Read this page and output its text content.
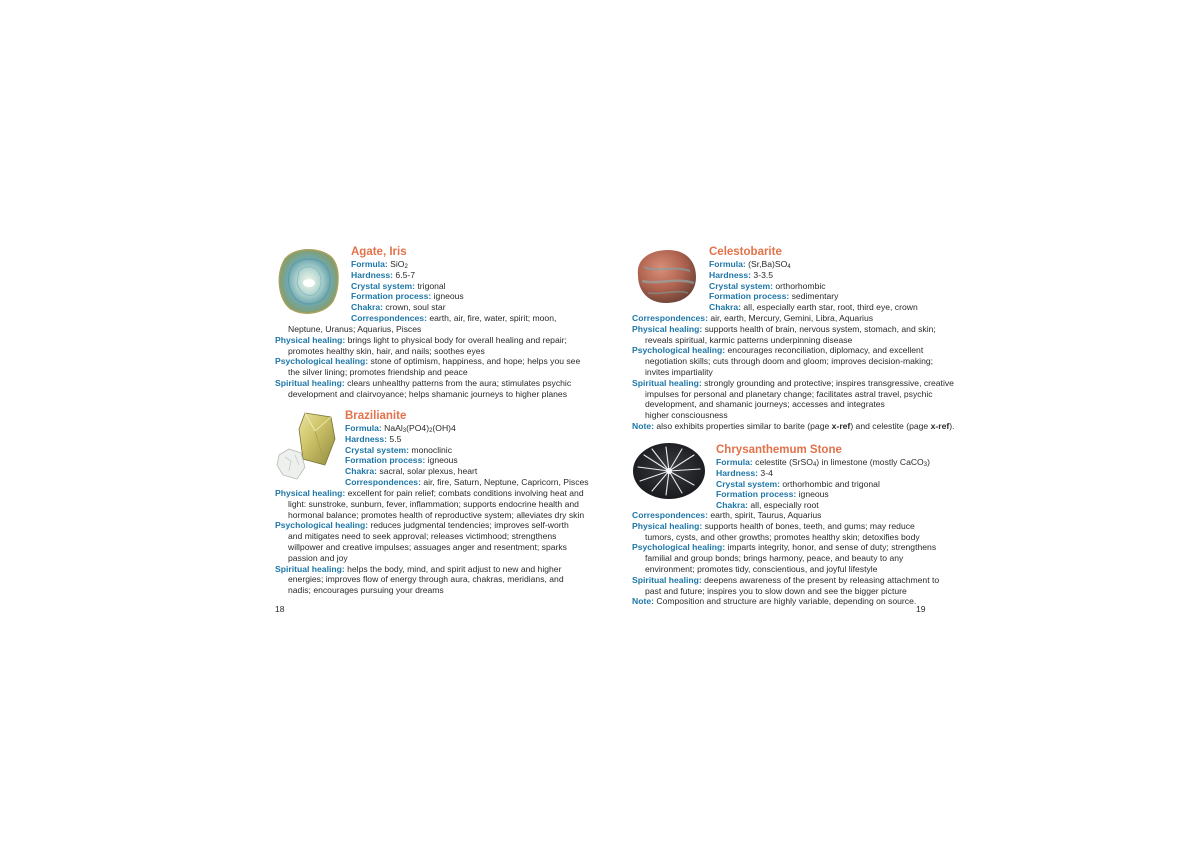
Agate, Iris
Formula: SiO$_2$
Hardness: 6.5-7
Crystal system: trigonal
Formation process: igneous
Chakra: crown, soul star
Correspondences: earth, air, fire, water, spirit; moon,
Neptune, Uranus; Aquarius, Pisces
Physical healing: brings light to physical body for overall healing and repair;
promotes healthy skin, hair, and nails; soothes eyes
Psychological healing: stone of optimism, happiness, and hope; helps you see
the silver lining; promotes friendship and peace
Spiritual healing: clears unhealthy patterns from the aura; stimulates psychic
development and clairvoyance; helps shamanic journeys to higher planes
Brazilianite
Formula: $NaAl_3(PO4)_2(OH)4$
Hardness: 5.5
Crystal system: monoclinic
Formation process: igneous
Chakra: sacral, solar plexus, heart
Correspondences: air, fire, Saturn, Neptune, Capricorn, Pisces
Physical healing: excellent for pain relief; combats conditions involving heat and
light: sunstroke, sunburn, fever, inflammation; supports endocrine health and
hormonal balance; promotes health of reproductive system; alleviates dry skin
Psychological healing: reduces judgmental tendencies; improves self-worth
and mitigates need to seek approval; releases victimhood; strengthens
willpower and creative impulses; assuages anger and resentment; sparks
passion and joy
Spiritual healing: helps the body, mind, and spirit adjust to new and higher
energies; improves flow of energy through aura, chakras, meridians, and
nadis; encourages pursuing your dreams
18
Celestobarite
Formula: $(Sr,Ba)SO_4$
Hardness: 3-3.5
Crystal system: orthorhombic
Formation process: sedimentary
Chakra: all, especially earth star, root, third eye, crown
Correspondences: air, earth, Mercury, Gemini, Libra, Aquarius
Physical healing: supports health of brain, nervous system, stomach, and skin;
reveals spiritual, karmic patterns underpinning disease
Psychological healing: encourages reconciliation, diplomacy, and excellent
negotiation skills; cuts through doom and gloom; improves decision-making;
invites impartiality
Spiritual healing: strongly grounding and protective; inspires transgressive, creative
impulses for personal and planetary change; facilitates astral travel, psychic
development, and shamanic journeys; accesses and integrates
higher consciousness
Note: also exhibits properties similar to barite (page x-ref) and celestite (page x-ref).
Chrysanthemum Stone
Formula: celestite (SrSO$_4$) in limestone (mostly CaCO$_3$)
Hardness: 3-4
Crystal system: orthorhombic and trigonal
Formation process: igneous
Chakra: all, especially root
Correspondences: earth, spirit, Taurus, Aquarius
Physical healing: supports health of bones, teeth, and gums; may reduce
tumors, cysts, and other growths; promotes healthy skin; detoxifies body
Psychological healing: imparts integrity, honor, and sense of duty; strengthens
familial and group bonds; brings harmony, peace, and beauty to any
environment; promotes tidy, conscientious, and joyful lifestyle
Spiritual healing: deepens awareness of the present by releasing attachment to
past and future; inspires you to slow down and see the bigger picture
Note: Composition and structure are highly variable, depending on source.
19
